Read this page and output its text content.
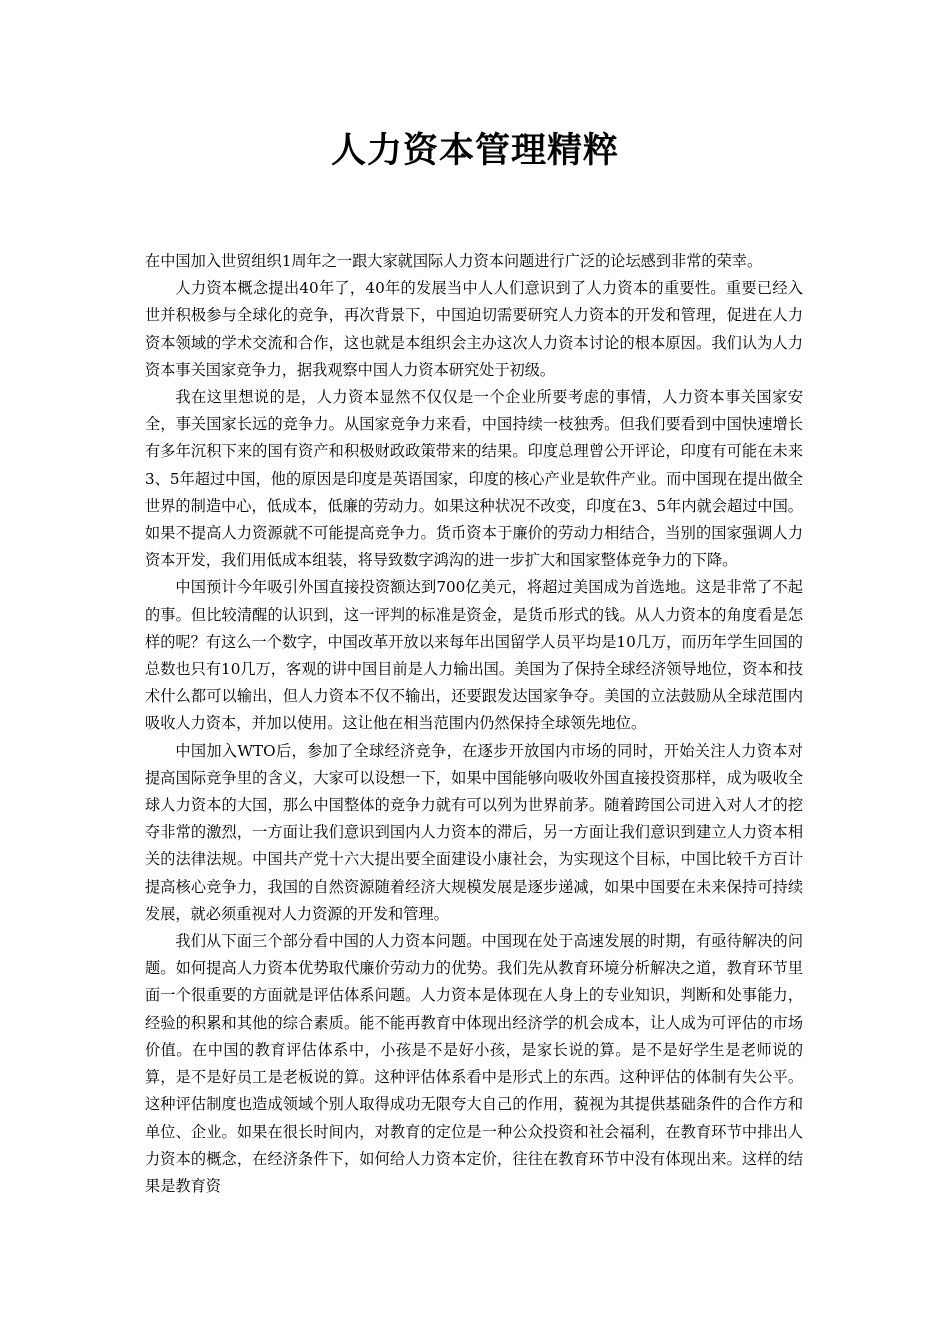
人力资本管理精粹

在中国加入世贸组织1周年之一跟大家就国际人力资本问题进行广泛的论坛感到非常的荣幸。

人力资本概念提出40年了，40年的发展当中人人们意识到了人力资本的重要性。重要已经入世并积极参与全球化的竞争，再次背景下，中国迫切需要研究人力资本的开发和管理，促进在人力资本领域的学术交流和合作，这也就是本组织会主办这次人力资本讨论的根本原因。我们认为人力资本事关国家竞争力，据我观察中国人力资本研究处于初级。

我在这里想说的是，人力资本显然不仅仅是一个企业所要考虑的事情，人力资本事关国家安全，事关国家长远的竞争力。从国家竞争力来看，中国持续一枝独秀。但我们要看到中国快速增长有多年沉积下来的国有资产和积极财政政策带来的结果。印度总理曾公开评论，印度有可能在未来3、5年超过中国，他的原因是印度是英语国家，印度的核心产业是软件产业。而中国现在提出做全世界的制造中心，低成本，低廉的劳动力。如果这种状况不改变，印度在3、5年内就会超过中国。如果不提高人力资源就不可能提高竞争力。货币资本于廉价的劳动力相结合，当别的国家强调人力资本开发，我们用低成本组装，将导致数字鸿沟的进一步扩大和国家整体竞争力的下降。

中国预计今年吸引外国直接投资额达到700亿美元，将超过美国成为首选地。这是非常了不起的事。但比较清醒的认识到，这一评判的标准是资金，是货币形式的钱。从人力资本的角度看是怎样的呢？有这么一个数字，中国改革开放以来每年出国留学人员平均是10几万，而历年学生回国的总数也只有10几万，客观的讲中国目前是人力输出国。美国为了保持全球经济领导地位，资本和技术什么都可以输出，但人力资本不仅不输出，还要跟发达国家争夺。美国的立法鼓励从全球范围内吸收人力资本，并加以使用。这让他在相当范围内仍然保持全球领先地位。

中国加入WTO后，参加了全球经济竞争，在逐步开放国内市场的同时，开始关注人力资本对提高国际竞争里的含义，大家可以设想一下，如果中国能够向吸收外国直接投资那样，成为吸收全球人力资本的大国，那么中国整体的竞争力就有可以列为世界前茅。随着跨国公司进入对人才的挖夺非常的激烈，一方面让我们意识到国内人力资本的滞后，另一方面让我们意识到建立人力资本相关的法律法规。中国共产党十六大提出要全面建设小康社会，为实现这个目标，中国比较千方百计提高核心竞争力，我国的自然资源随着经济大规模发展是逐步递减，如果中国要在未来保持可持续发展，就必须重视对人力资源的开发和管理。

我们从下面三个部分看中国的人力资本问题。中国现在处于高速发展的时期，有亟待解决的问题。如何提高人力资本优势取代廉价劳动力的优势。我们先从教育环境分析解决之道，教育环节里面一个很重要的方面就是评估体系问题。人力资本是体现在人身上的专业知识，判断和处事能力，经验的积累和其他的综合素质。能不能再教育中体现出经济学的机会成本，让人成为可评估的市场价值。在中国的教育评估体系中，小孩是不是好小孩，是家长说的算。是不是好学生是老师说的算，是不是好员工是老板说的算。这种评估体系看中是形式上的东西。这种评估的体制有失公平。这种评估制度也造成领域个别人取得成功无限夸大自己的作用，藐视为其提供基础条件的合作方和单位、企业。如果在很长时间内，对教育的定位是一种公众投资和社会福利，在教育环节中排出人力资本的概念，在经济条件下，如何给人力资本定价，往往在教育环节中没有体现出来。这样的结果是教育资
